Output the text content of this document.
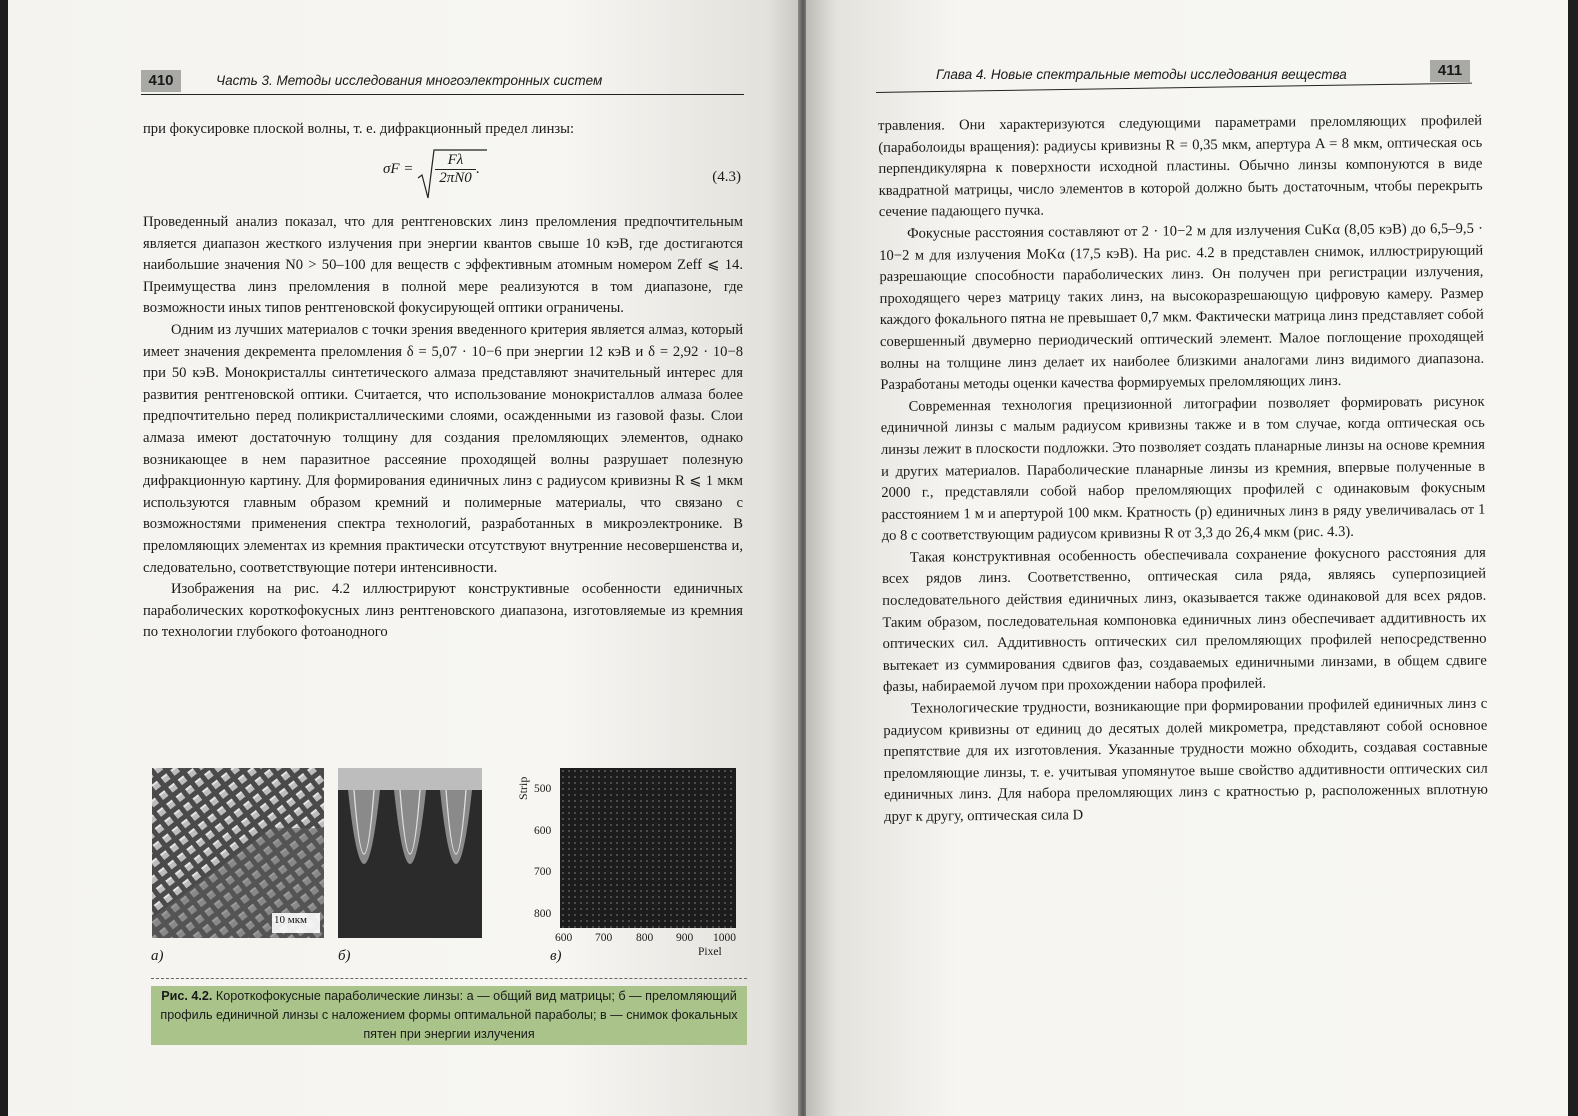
410	Часть 3. Методы исследования многоэлектронных систем

при фокусировке плоской волны, т. е. дифракционный предел линзы:

$\sigma F = \frac{F\lambda}{2\pi N0}$ .
(4.3)

Проведенный анализ показал, что для рентгеновских линз преломления предпочтительным является диапазон жесткого излучения при энергии квантов свыше 10 кэВ, где достигаются наибольшие значения N0 > 50–100 для веществ с эффективным атомным номером Zeff ⩽ 14. Преимущества линз преломления в полной мере реализуются в том диапазоне, где возможности иных типов рентгеновской фокусирующей оптики ограничены.

Одним из лучших материалов с точки зрения введенного критерия является алмаз, который имеет значения декремента преломления δ = 5,07 · 10−6 при энергии 12 кэВ и δ = 2,92 · 10−8 при 50 кэВ. Монокристаллы синтетического алмаза представляют значительный интерес для развития рентгеновской оптики. Считается, что использование монокристаллов алмаза более предпочтительно перед поликристаллическими слоями, осажденными из газовой фазы. Слои алмаза имеют достаточную толщину для создания преломляющих элементов, однако возникающее в нем паразитное рассеяние проходящей волны разрушает полезную дифракционную картину. Для формирования единичных линз с радиусом кривизны R ⩽ 1 мкм используются главным образом кремний и полимерные материалы, что связано с возможностями применения спектра технологий, разработанных в микроэлектронике. В преломляющих элементах из кремния практически отсутствуют внутренние несовершенства и, следовательно, соответствующие потери интенсивности.

Изображения на рис. 4.2 иллюстрируют конструктивные особенности единичных параболических короткофокусных линз рентгеновского диапазона, изготовляемые из кремния по технологии глубокого фотоанодного

10 мкм
Strip 500
600
700
800
600 700 800 900 1000
Pixel
а)	б)	в)
Рис. 4.2. Короткофокусные параболические линзы: а — общий вид матрицы; б — преломляющий профиль единичной линзы с наложением формы оптимальной параболы; в — снимок фокальных пятен при энергии излучения
Глава 4. Новые спектральные методы исследования вещества	411

травления. Они характеризуются следующими параметрами преломляющих профилей (параболоиды вращения): радиусы кривизны R = 0,35 мкм, апертура A = 8 мкм, оптическая ось перпендикулярна к поверхности исходной пластины. Обычно линзы компонуются в виде квадратной матрицы, число элементов в которой должно быть достаточным, чтобы перекрыть сечение падающего пучка.

Фокусные расстояния составляют от 2 · 10−2 м для излучения CuKα (8,05 кэВ) до 6,5–9,5 · 10−2 м для излучения MoKα (17,5 кэВ). На рис. 4.2 в представлен снимок, иллюстрирующий разрешающие способности параболических линз. Он получен при регистрации излучения, проходящего через матрицу таких линз, на высокоразрешающую цифровую камеру. Размер каждого фокального пятна не превышает 0,7 мкм. Фактически матрица линз представляет собой совершенный двумерно периодический оптический элемент. Малое поглощение проходящей волны на толщине линз делает их наиболее близкими аналогами линз видимого диапазона. Разработаны методы оценки качества формируемых преломляющих линз.

Современная технология прецизионной литографии позволяет формировать рисунок единичной линзы с малым радиусом кривизны также и в том случае, когда оптическая ось линзы лежит в плоскости подложки. Это позволяет создать планарные линзы на основе кремния и других материалов. Параболические планарные линзы из кремния, впервые полученные в 2000 г., представляли собой набор преломляющих профилей с одинаковым фокусным расстоянием 1 м и апертурой 100 мкм. Кратность (p) единичных линз в ряду увеличивалась от 1 до 8 с соответствующим радиусом кривизны R от 3,3 до 26,4 мкм (рис. 4.3).

Такая конструктивная особенность обеспечивала сохранение фокусного расстояния для всех рядов линз. Соответственно, оптическая сила ряда, являясь суперпозицией последовательного действия единичных линз, оказывается также одинаковой для всех рядов. Таким образом, последовательная компоновка единичных линз обеспечивает аддитивность их оптических сил. Аддитивность оптических сил преломляющих профилей непосредственно вытекает из суммирования сдвигов фаз, создаваемых единичными линзами, в общем сдвиге фазы, набираемой лучом при прохождении набора профилей.

Технологические трудности, возникающие при формировании профилей единичных линз с радиусом кривизны от единиц до десятых долей микрометра, представляют собой основное препятствие для их изготовления. Указанные трудности можно обходить, создавая составные преломляющие линзы, т. е. учитывая упомянутое выше свойство аддитивности оптических сил единичных линз. Для набора преломляющих линз с кратностью p, расположенных вплотную друг к другу, оптическая сила D
